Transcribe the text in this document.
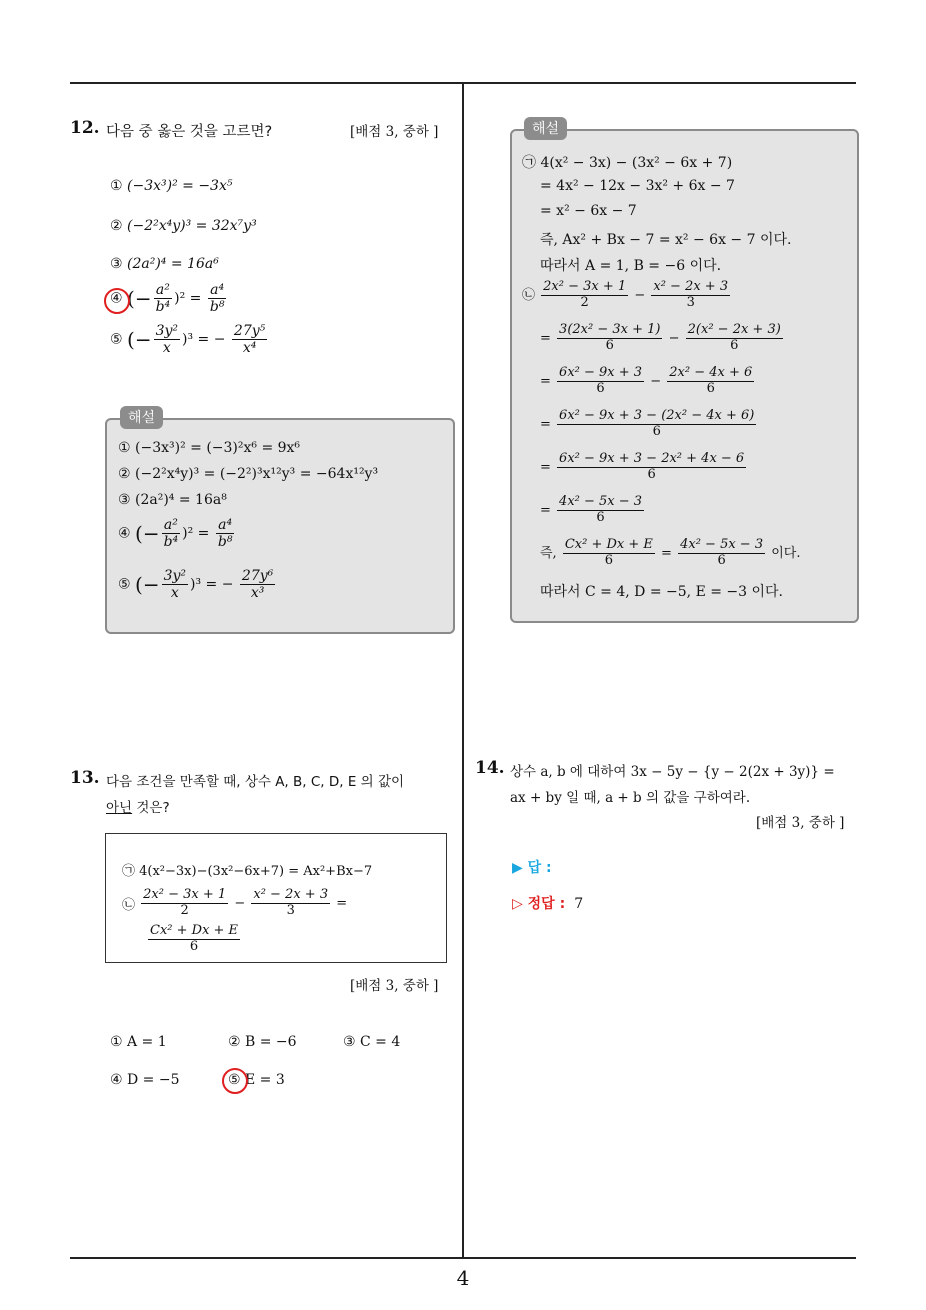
4
12. 다음 중 옳은 것을 고르면?	[배점 3, 중하 ]
① (−3x³)² = −3x⁵
② (−2²x⁴y)³ = 32x⁷y³
③ (2a²)⁴ = 16a⁶
④ (− $\frac{\text{a²}}{\text{b⁴}} )^2 = \frac{\text{a⁴}}{\text{b⁸}}$
⑤ (− $\frac{\text{3y²}}{x} )^3$ = − $\frac{\text{27y⁵}}{\text{x⁴}}$
해설
① (−3x³)² = (−3)²x⁶ = 9x⁶
② (−2²x⁴y)³ = (−2²)³x¹²y³ = −64x¹²y³
③ (2a²)⁴ = 16a⁸
④ (− $\frac{\text{a²}}{\text{b⁴}} )^2 = \frac{\text{a⁴}}{\text{b⁸}}$
⑤ (− $\frac{\text{3y²}}{x} )^3$ = − $\frac{\text{27y⁶}}{\text{x³}}$
13. 다음 조건을 만족할 때, 상수 A, B, C, D, E 의 값이
아닌 것은?
㉠ 4(x²−3x)−(3x²−6x+7) = Ax²+Bx−7
㉡ $\frac{\text{2x² − 3x + 1}}{2} - \frac{\text{x² − 2x + 3}}{3}$ =
$\frac{\text{Cx² + Dx + E}}{6}$
[배점 3, 중하 ]
① A = 1	② B = −6	③ C = 4
④ D = −5	⑤ E = 3
해설
㉠ 4(x² − 3x) − (3x² − 6x + 7)
= 4x² − 12x − 3x² + 6x − 7
= x² − 6x − 7
즉, Ax² + Bx − 7 = x² − 6x − 7 이다.
따라서 A = 1, B = −6 이다.
㉡ $\frac{\text{2x² − 3x + 1}}{2} - \frac{\text{x² − 2x + 3}}{3}$
= $\frac{\text{3(2x² − 3x + 1)}}{6} - \frac{\text{2(x² − 2x + 3)}}{6}$
= $\frac{\text{6x² − 9x + 3}}{6} - \frac{\text{2x² − 4x + 6}}{6}$
= $\frac{\text{6x² − 9x + 3 − (2x² − 4x + 6)}}{6}$
= $\frac{\text{6x² − 9x + 3 − 2x² + 4x − 6}}{6}$
= $\frac{\text{4x² − 5x − 3}}{6}$
즉, $\frac{\text{Cx² + Dx + E}}{6} = \frac{\text{4x² − 5x − 3}}{6}$ 이다.
따라서 C = 4, D = −5, E = −3 이다.
14. 상수 a, b 에 대하여 3x − 5y − {y − 2(2x + 3y)} =
ax + by 일 때, a + b 의 값을 구하여라.
[배점 3, 중하 ]
▶ 답 :
▷ 정답 : 7
